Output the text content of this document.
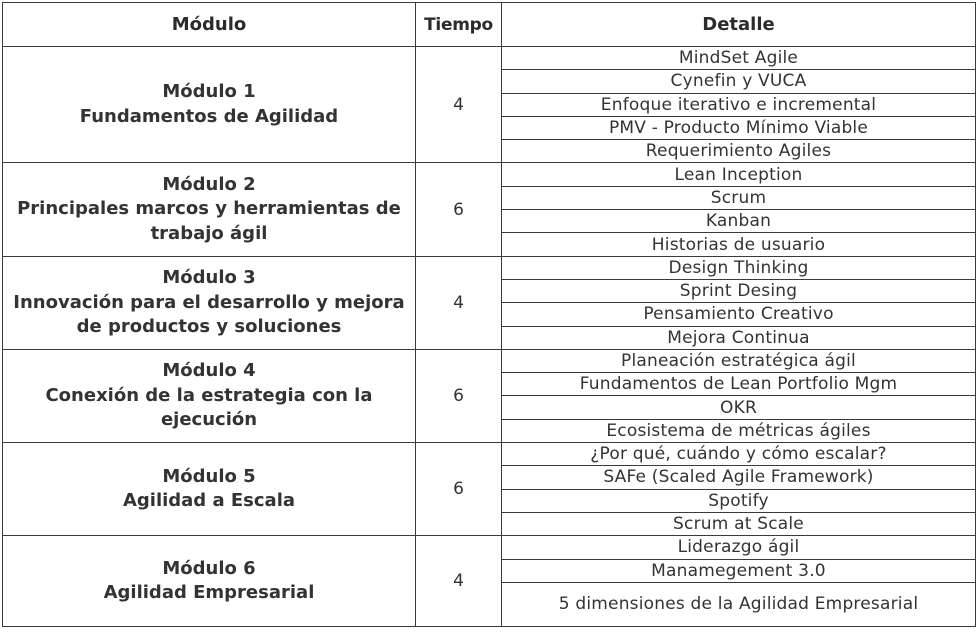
Módulo	Tiempo	Detalle

Módulo 1
Fundamentos de Agilidad	4	MindSet Agile
		Cynefin y VUCA
		Enfoque iterativo e incremental
		PMV - Producto Mínimo Viable
		Requerimiento Agiles

Módulo 2
Principales marcos y herramientas de trabajo ágil	6	Lean Inception
		Scrum
		Kanban
		Historias de usuario

Módulo 3
Innovación para el desarrollo y mejora de productos y soluciones	4	Design Thinking
		Sprint Desing
		Pensamiento Creativo
		Mejora Continua

Módulo 4
Conexión de la estrategia con la ejecución	6	Planeación estratégica ágil
		Fundamentos de Lean Portfolio Mgm
		OKR
		Ecosistema de métricas ágiles

Módulo 5
Agilidad a Escala	6	¿Por qué, cuándo y cómo escalar?
		SAFe (Scaled Agile Framework)
		Spotify
		Scrum at Scale

Módulo 6
Agilidad Empresarial	4	Liderazgo ágil
		Manamegement 3.0
		5 dimensiones de la Agilidad Empresarial
